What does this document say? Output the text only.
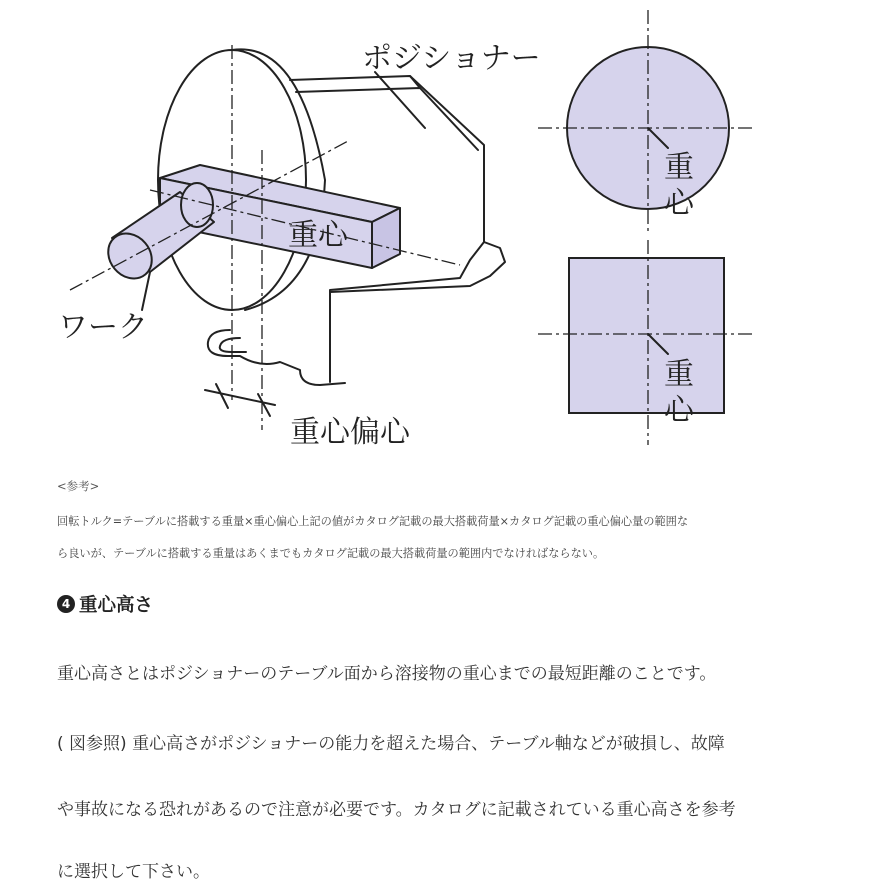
ポジショナー
重心
ワーク
重心偏心
重
心
重
心

<参考>

回転トルク=テーブルに搭載する重量×重心偏心上記の値がカタログ記載の最大搭載荷量×カタログ記載の重心偏心量の範囲な

ら良いが、テーブルに搭載する重量はあくまでもカタログ記載の最大搭載荷量の範囲内でなければならない。

4 重心高さ

重心高さとはポジショナーのテーブル面から溶接物の重心までの最短距離のことです。

( 図参照) 重心高さがポジショナーの能力を超えた場合、テーブル軸などが破損し、故障

や事故になる恐れがあるので注意が必要です。カタログに記載されている重心高さを参考

に選択して下さい。
